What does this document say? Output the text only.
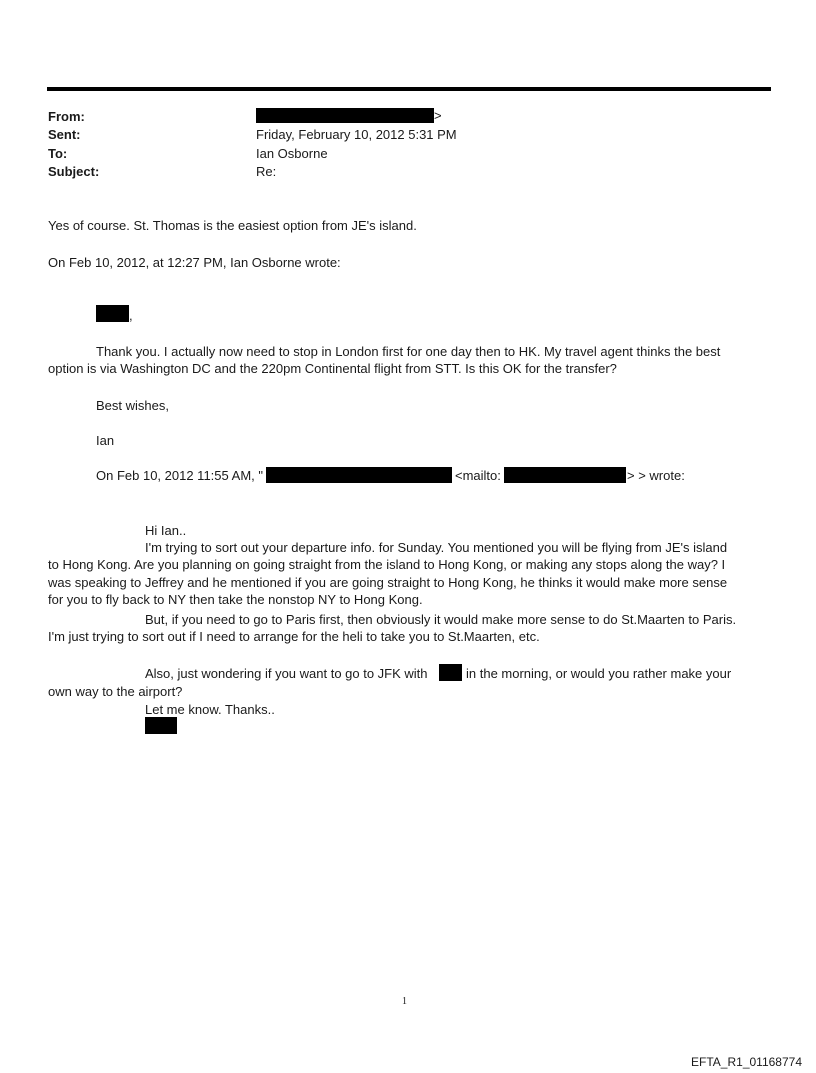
From:	>
Sent:	Friday, February 10, 2012 5:31 PM
To:	Ian Osborne
Subject:	Re:
Yes of course. St. Thomas is the easiest option from JE's island.
On Feb 10, 2012, at 12:27 PM, Ian Osborne wrote:
,
Thank you. I actually now need to stop in London first for one day then to HK. My travel agent thinks the best
option is via Washington DC and the 220pm Continental flight from STT. Is this OK for the transfer?
Best wishes,
Ian
On Feb 10, 2012 11:55 AM, "	<mailto:	> > wrote:
Hi Ian..
I'm trying to sort out your departure info. for Sunday. You mentioned you will be flying from JE's island
to Hong Kong. Are you planning on going straight from the island to Hong Kong, or making any stops along the way? I
was speaking to Jeffrey and he mentioned if you are going straight to Hong Kong, he thinks it would make more sense
for you to fly back to NY then take the nonstop NY to Hong Kong.
But, if you need to go to Paris first, then obviously it would make more sense to do St.Maarten to Paris.
I'm just trying to sort out if I need to arrange for the heli to take you to St.Maarten, etc.
Also, just wondering if you want to go to JFK with	in the morning, or would you rather make your
own way to the airport?
Let me know. Thanks..
1
EFTA_R1_01168774
